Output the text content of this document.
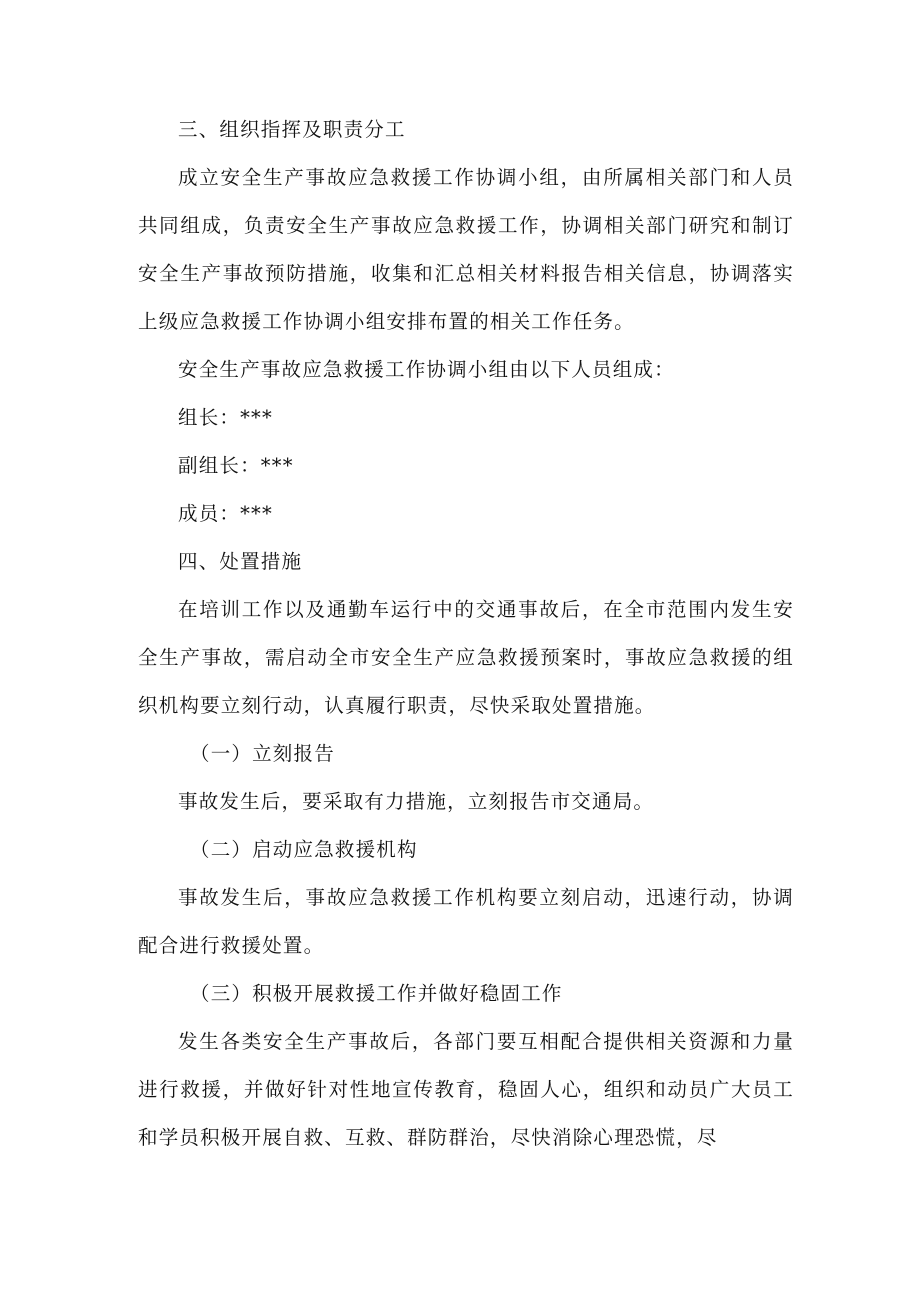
三、组织指挥及职责分工

成立安全生产事故应急救援工作协调小组，由所属相关部门和人员共同组成，负责安全生产事故应急救援工作，协调相关部门研究和制订安全生产事故预防措施，收集和汇总相关材料报告相关信息，协调落实上级应急救援工作协调小组安排布置的相关工作任务。

安全生产事故应急救援工作协调小组由以下人员组成：

组长：***

副组长：***

成员：***

四、处置措施

在培训工作以及通勤车运行中的交通事故后，在全市范围内发生安全生产事故，需启动全市安全生产应急救援预案时，事故应急救援的组织机构要立刻行动，认真履行职责，尽快采取处置措施。

（一）立刻报告

事故发生后，要采取有力措施，立刻报告市交通局。

（二）启动应急救援机构

事故发生后，事故应急救援工作机构要立刻启动，迅速行动，协调配合进行救援处置。

（三）积极开展救援工作并做好稳固工作

发生各类安全生产事故后，各部门要互相配合提供相关资源和力量进行救援，并做好针对性地宣传教育，稳固人心，组织和动员广大员工和学员积极开展自救、互救、群防群治，尽快消除心理恐慌，尽
